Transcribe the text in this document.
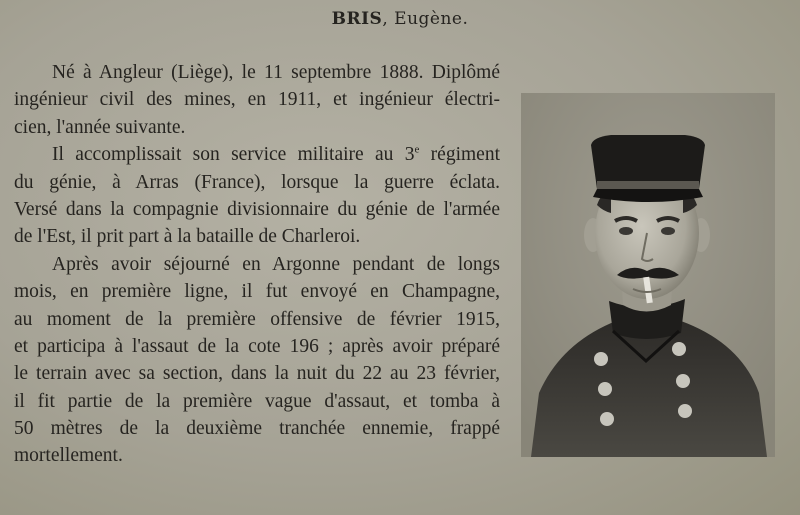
BRIS, Eugène.
Né à Angleur (Liège), le 11 septembre 1888. Diplômé
ingénieur civil des mines, en 1911, et ingénieur électri-
cien, l'année suivante.
Il accomplissait son service militaire au 3e régiment
du génie, à Arras (France), lorsque la guerre éclata.
Versé dans la compagnie divisionnaire du génie de l'armée
de l'Est, il prit part à la bataille de Charleroi.
Après avoir séjourné en Argonne pendant de longs
mois, en première ligne, il fut envoyé en Champagne,
au moment de la première offensive de février 1915,
et participa à l'assaut de la cote 196 ; après avoir préparé
le terrain avec sa section, dans la nuit du 22 au 23 février,
il fit partie de la première vague d'assaut, et tomba à
50 mètres de la deuxième tranchée ennemie, frappé
mortellement.
